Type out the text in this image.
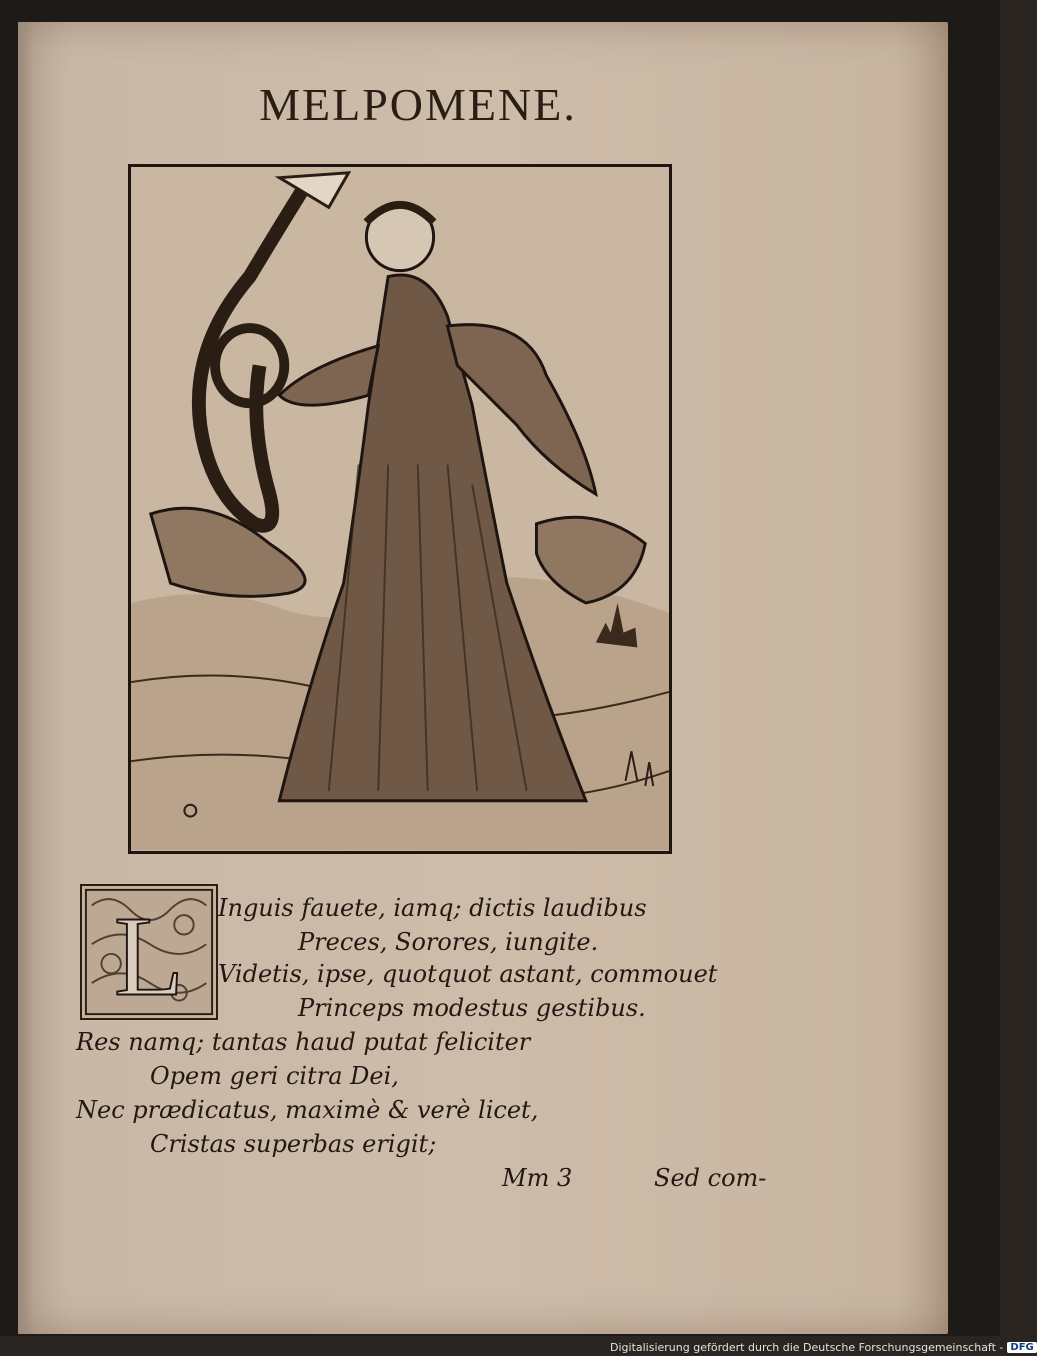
MELPOMENE.
L Inguis fauete, iamq; dictis laudibus
Preces, Sorores, iungite.
Videtis, ipse, quotquot astant, commouet
Princeps modestus gestibus.
Res namq; tantas haud putat feliciter
Opem geri citra Dei,
Nec prædicatus, maximè & verè licet,
Cristas superbas erigit;
Mm 3	Sed com-
Digitalisierung gefördert durch die Deutsche Forschungsgemeinschaft - DFG
